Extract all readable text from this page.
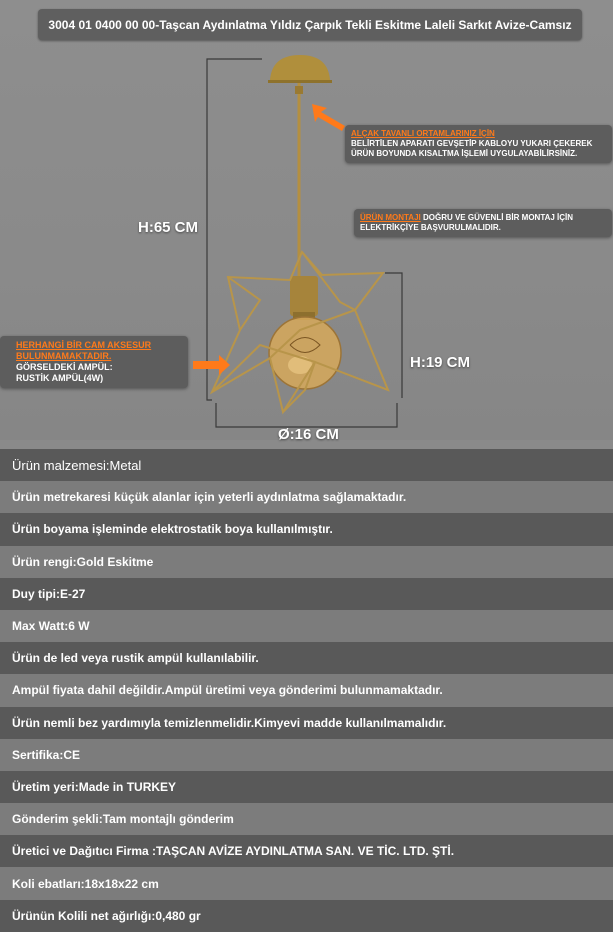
3004 01 0400 00 00-Taşcan Aydınlatma Yıldız Çarpık Tekli Eskitme Laleli Sarkıt Avize-Camsız
H:65 CM
H:19 CM
Ø:16 CM
ALÇAK TAVANLI ORTAMLARINIZ İÇİN
BELİRTİLEN APARATI GEVŞETİP KABLOYU YUKARI ÇEKEREK ÜRÜN BOYUNDA KISALTMA İŞLEMİ UYGULAYABİLİRSİNİZ.
ÜRÜN MONTAJI DOĞRU VE GÜVENLİ BİR MONTAJ İÇİN ELEKTRİKÇİYE BAŞVURULMALIDIR.
HERHANGİ BİR CAM AKSESUR BULUNMAMAKTADIR.
GÖRSELDEKİ AMPÜL:
RUSTİK AMPÜL(4W)
Ürün malzemesi:Metal
Ürün metrekaresi küçük alanlar için yeterli aydınlatma sağlamaktadır.
Ürün boyama işleminde elektrostatik boya kullanılmıştır.
Ürün rengi:Gold Eskitme
Duy tipi:E-27
Max Watt:6 W
Ürün de led veya rustik ampül kullanılabilir.
Ampül fiyata dahil değildir.Ampül üretimi veya gönderimi bulunmamaktadır.
Ürün nemli bez yardımıyla temizlenmelidir.Kimyevi madde kullanılmamalıdır.
Sertifika:CE
Üretim yeri:Made in TURKEY
Gönderim şekli:Tam montajlı gönderim
Üretici ve Dağıtıcı Firma :TAŞCAN AVİZE AYDINLATMA SAN. VE TİC. LTD. ŞTİ.
Koli ebatları:18x18x22 cm
Ürünün Kolili net ağırlığı:0,480 gr
